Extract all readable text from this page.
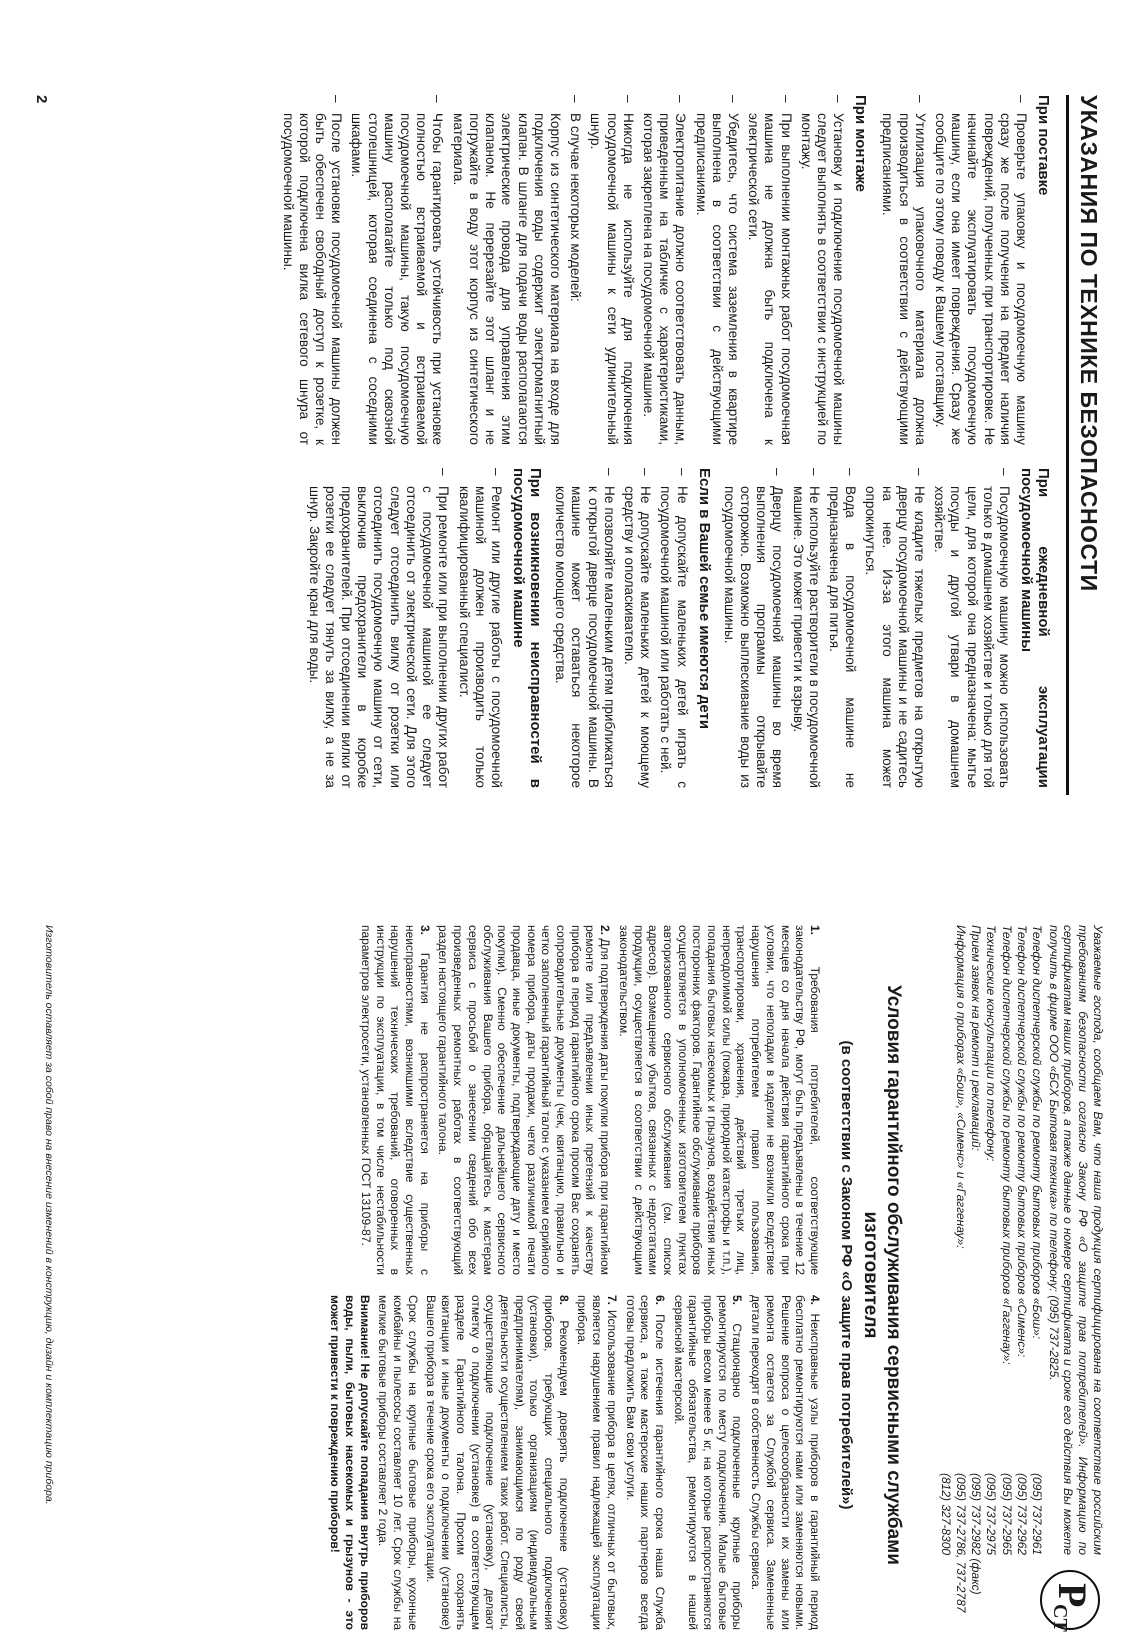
УКАЗАНИЯ ПО ТЕХНИКЕ БЕЗОПАСНОСТИ
При поставке
–
Проверьте упаковку и посудомоечную машину сразу же после получения на предмет наличия повреждений, полученных при транспортировке. Не начинайте эксплуатировать посудомоечную машину, если она имеет повреждения. Сразу же сообщите по этому поводу к Вашему поставщику.
–
Утилизация упаковочного материала должна производиться в соответствии с действующими предписаниями.
При монтаже
–
Установку и подключение посудомоечной машины следует выполнять в соответствии с инструкцией по монтажу.
–
При выполнении монтажных работ посудомоечная машина не должна быть подключена к электрической сети.
–
Убедитесь, что система заземления в квартире выполнена в соответствии с действующими предписаниями.
–
Электропитание должно соответствовать данным, приведенным на табличке с характеристиками, которая закреплена на посудомоечной машине.
–
Никогда не используйте для подключения посудомоечной машины к сети удлинительный шнур.
–
В случае некоторых моделей:
Корпус из синтетического материала на входе для подключения воды содержит электромагнитный клапан. В шланге для подачи воды располагаются электрические провода для управления этим клапаном. Не перерезайте этот шланг и не погружайте в воду этот корпус из синтетического материала.
–
Чтобы гарантировать устойчивость при установке полностью встраиваемой и встраиваемой посудомоечной машины, такую посудомоечную машину располагайте только под сквозной столешницей, которая соединена с соседними шкафами.
–
После установки посудомоечной машины должен быть обеспечен свободный доступ к розетке, к которой подключена вилка сетевого шнура от посудомоечной машины.
При ежедневной эксплуатации посудомоечной машины
–
Посудомоечную машину можно использовать только в домашнем хозяйстве и только для той цели, для которой она предназначена: мытье посуды и другой утвари в домашнем хозяйстве.
–
Не кладите тяжелых предметов на открытую дверцу посудомоечной машины и не садитесь на нее. Из-за этого машина может опрокинуться.
–
Вода в посудомоечной машине не предназначена для питья.
–
Не используйте растворители в посудомоечной машине. Это может привести к взрыву.
–
Дверцу посудомоечной машины во время выполнения программы открывайте осторожно. Возможно выплескивание воды из посудомоечной машины.
Если в Вашей семье имеются дети
–
Не допускайте маленьких детей играть с посудомоечной машиной или работать с ней.
–
Не допускайте маленьких детей к моющему средству и ополаскивателю.
–
Не позволяйте маленьким детям приближаться к открытой дверце посудомоечной машины. В машине может оставаться некоторое количество моющего средства.
При возникновении неисправностей в посудомоечной машине
–
Ремонт или другие работы с посудомоечной машиной должен производить только квалифицированный специалист.
–
При ремонте или при выполнении других работ с посудомоечной машиной ее следует отсоединить от электрической сети. Для этого следует отсоединить вилку от розетки или отсоединить посудомоечную машину от сети, выключив предохранители в коробке предохранителей. При отсоединении вилки от розетки ее следует тянуть за вилку, а не за шнур. Закройте кран для воды.
2
Р
СТ
Уважаемые господа, сообщаем Вам, что наша продукция сертифицирована на соответствие российским требованиям безопасности согласно Закону РФ «О защите прав потребителей». Информацию по сертификатам наших приборов, а также данные о номере сертификата и сроке его действия Вы можете получить в фирме ООО «БСХ Бытовая техника» по телефону: (095) 737-2825.
Телефон диспетчерской службы по ремонту бытовых приборов «Бош»:
(095) 737-2961
Телефон диспетчерской службы по ремонту бытовых приборов «Сименс»:
(095) 737-2962
Телефон диспетчерской службы по ремонту бытовых приборов «Гаггенау»:
(095) 737-2965
Технические консультации по телефону:
(095) 737-2975
Прием заявок на ремонт и рекламаций:
(095) 737-2982 (факс)
Информация о приборах «Бош», «Сименс» и «Гаггенау»:
(095) 737-2786, 737-2787
(812) 327-8300
Условия гарантийного обслуживания сервисными службами изготовителя
(в соответствии с Законом РФ «О защите прав потребителей»)
1. Требования потребителей, соответствующие законодательству РФ, могут быть предъявлены в течение 12 месяцев со дня начала действия гарантийного срока при условии, что неполадки в изделии не возникли вследствие нарушения потребителем правил пользования, транспортировки, хранения, действий третьих лиц, непреодолимой силы (пожара, природной катастрофы и т.п.), попадания бытовых насекомых и грызунов, воздействия иных посторонних факторов. Гарантийное обслуживание приборов осуществляется в уполномоченных изготовителем пунктах авторизованного сервисного обслуживания (см. список адресов). Возмещение убытков, связанных с недостатками продукции, осуществляется в соответствии с действующим законодательством.
2. Для подтверждения даты покупки прибора при гарантийном ремонте или предъявлении иных претензий к качеству прибора в период гарантийного срока просим Вас сохранять сопроводительные документы (чек, квитанцию, правильно и четко заполненный гарантийный талон с указанием серийного номера прибора, даты продажи, четко различимой печати продавца, иные документы, подтверждающие дату и место покупки). Сменно обеспечение дальнейшего сервисного обслуживания Вашего прибора, обращайтесь к мастерам сервиса с просьбой о занесении сведений обо всех произведенных ремонтных работах в соответствующий раздел настоящего гарантийного талона.
3. Гарантия не распространяется на приборы с неисправностями, возникшими вследствие существенных нарушений технических требований, оговоренных в инструкции по эксплуатации, в том числе нестабильности параметров электросети, установленных ГОСТ 13109-87.
4. Неисправные узлы приборов в гарантийный период бесплатно ремонтируются нами или заменяются новыми. Решение вопроса о целесообразности их замены или ремонта остается за Службой сервиса. Замененные детали переходят в собственность Службы сервиса.
5. Стационарно подключенные крупные приборы ремонтируются по месту подключения. Малые бытовые приборы весом менее 5 кг, на которые распространяются гарантийные обязательства, ремонтируются в нашей сервисной мастерской.
6. После истечения гарантийного срока наша Служба сервиса, а также мастерские наших партнеров всегда готовы предложить Вам свои услуги.
7. Использование прибора в целях, отличных от бытовых, является нарушением правил надлежащей эксплуатации прибора.
8. Рекомендуем доверять подключение (установку) приборов, требующих специального подключения (установки), только организациям (индивидуальным предпринимателям), занимающимся по роду своей деятельности осуществлением таких работ. Специалисты, осуществляющие подключение (установку), делают отметку о подключении (установке) в соответствующем разделе Гарантийного талона. Просим сохранять квитанции и иные документы о подключении (установке) Вашего прибора в течение срока его эксплуатации.
Срок службы на крупные бытовые приборы, кухонные комбайны и пылесосы составляет 10 лет. Срок службы на мелкие бытовые приборы составляет 2 года.
Внимание! Не допускайте попадания внутрь приборов воды, пыли, бытовых насекомых и грызунов - это может привести к повреждению приборов!
Изготовитель оставляет за собой право на внесение изменений в конструкцию, дизайн и комплектацию прибора.
